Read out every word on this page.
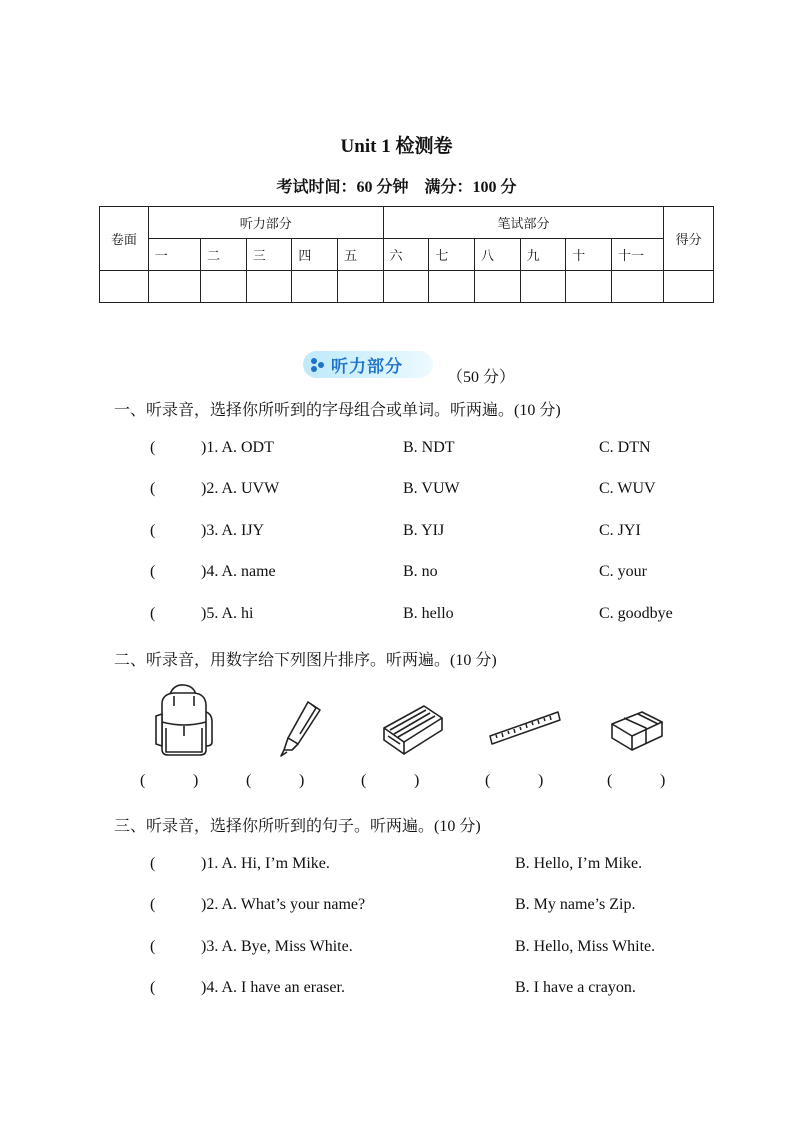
Unit 1 检测卷
考试时间：60 分钟　满分：100 分
卷面	听力部分					笔试部分						得分
	一	二	三	四	五	六	七	八	九	十	十一	

听力部分
（50 分）
一、听录音，选择你所听到的字母组合或单词。听两遍。(10 分)
(	)1. A. ODT	B. NDT	C. DTN
(	)2. A. UVW	B. VUW	C. WUV
(	)3. A. IJY	B. YIJ	C. JYI
(	)4. A. name	B. no	C. your
(	)5. A. hi	B. hello	C. goodbye
二、听录音，用数字给下列图片排序。听两遍。(10 分)
(	)	(	)	(	)	(	)	(	)
三、听录音，选择你所听到的句子。听两遍。(10 分)
(	)1. A. Hi, I’m Mike.	B. Hello, I’m Mike.
(	)2. A. What’s your name?	B. My name’s Zip.
(	)3. A. Bye, Miss White.	B. Hello, Miss White.
(	)4. A. I have an eraser.	B. I have a crayon.
